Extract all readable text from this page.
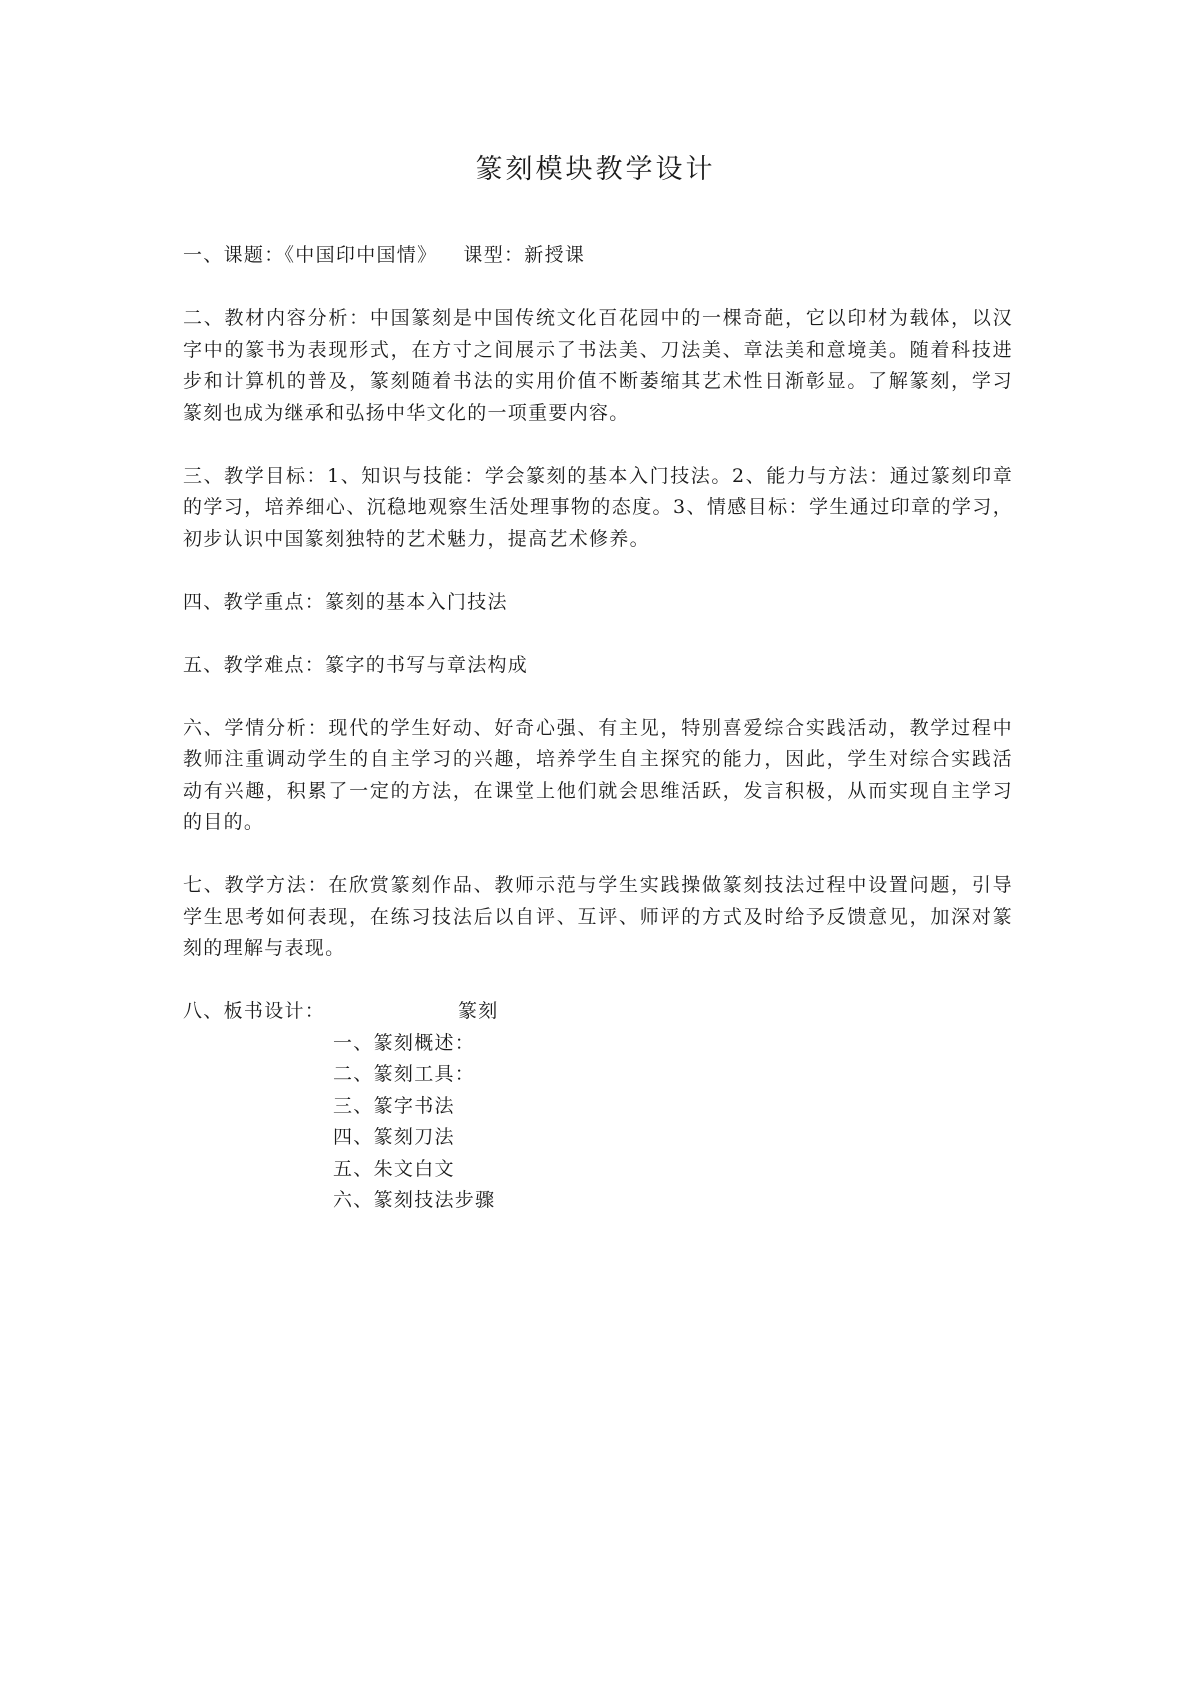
篆刻模块教学设计

一、课题：《中国印中国情》 课型：新授课

二、教材内容分析：中国篆刻是中国传统文化百花园中的一棵奇葩，它以印材为载体，以汉字中的篆书为表现形式，在方寸之间展示了书法美、刀法美、章法美和意境美。随着科技进步和计算机的普及，篆刻随着书法的实用价值不断萎缩其艺术性日渐彰显。了解篆刻，学习篆刻也成为继承和弘扬中华文化的一项重要内容。

三、教学目标：1、知识与技能：学会篆刻的基本入门技法。2、能力与方法：通过篆刻印章的学习，培养细心、沉稳地观察生活处理事物的态度。3、情感目标：学生通过印章的学习，初步认识中国篆刻独特的艺术魅力，提高艺术修养。

四、教学重点：篆刻的基本入门技法

五、教学难点：篆字的书写与章法构成

六、学情分析：现代的学生好动、好奇心强、有主见，特别喜爱综合实践活动，教学过程中教师注重调动学生的自主学习的兴趣，培养学生自主探究的能力，因此，学生对综合实践活动有兴趣，积累了一定的方法，在课堂上他们就会思维活跃，发言积极，从而实现自主学习的目的。

七、教学方法：在欣赏篆刻作品、教师示范与学生实践操做篆刻技法过程中设置问题，引导学生思考如何表现，在练习技法后以自评、互评、师评的方式及时给予反馈意见，加深对篆刻的理解与表现。

八、板书设计：	篆刻
一、篆刻概述：
二、篆刻工具：
三、篆字书法
四、篆刻刀法
五、朱文白文
六、篆刻技法步骤
